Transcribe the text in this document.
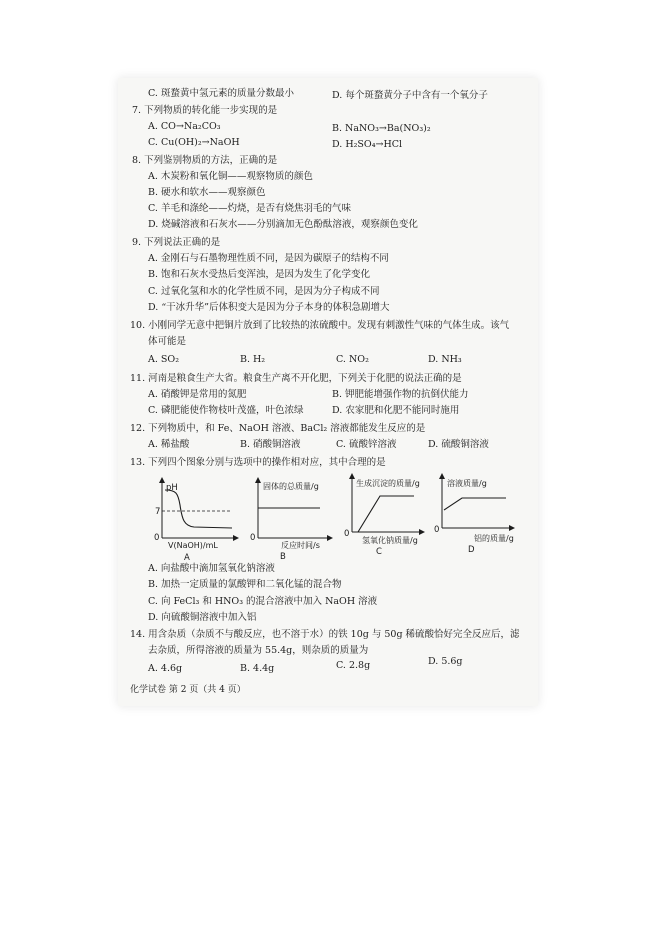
C. 斑蝥黄中氢元素的质量分数最小	D. 每个斑蝥黄分子中含有一个氧分子
7. 下列物质的转化能一步实现的是
A. CO→Na₂CO₃	B. NaNO₃→Ba(NO₃)₂
C. Cu(OH)₂→NaOH	D. H₂SO₄→HCl
8. 下列鉴别物质的方法，正确的是
A. 木炭粉和氧化铜——观察物质的颜色
B. 硬水和软水——观察颜色
C. 羊毛和涤纶——灼烧，是否有烧焦羽毛的气味
D. 烧碱溶液和石灰水——分别滴加无色酚酞溶液，观察颜色变化
9. 下列说法正确的是
A. 金刚石与石墨物理性质不同，是因为碳原子的结构不同
B. 饱和石灰水受热后变浑浊，是因为发生了化学变化
C. 过氧化氢和水的化学性质不同，是因为分子构成不同
D. “干冰升华”后体积变大是因为分子本身的体积急剧增大
10. 小刚同学无意中把铜片放到了比较热的浓硫酸中。发现有刺激性气味的气体生成。该气
体可能是
A. SO₂	B. H₂	C. NO₂	D. NH₃
11. 河南是粮食生产大省。粮食生产离不开化肥，下列关于化肥的说法正确的是
A. 硝酸钾是常用的氮肥	B. 钾肥能增强作物的抗倒伏能力
C. 磷肥能使作物枝叶茂盛，叶色浓绿	D. 农家肥和化肥不能同时施用
12. 下列物质中，和 Fe、NaOH 溶液、BaCl₂ 溶液都能发生反应的是
A. 稀盐酸	B. 硝酸铜溶液	C. 硫酸锌溶液	D. 硫酸铜溶液
13. 下列四个图象分别与选项中的操作相对应，其中合理的是
pH
7
0
V(NaOH)/mL
A
固体的总质量/g
0
反应时间/s
B
生成沉淀的质量/g
0
氢氧化钠质量/g
C
溶液质量/g
0
铝的质量/g
D
A. 向盐酸中滴加氢氧化钠溶液
B. 加热一定质量的氯酸钾和二氧化锰的混合物
C. 向 FeCl₃ 和 HNO₃ 的混合溶液中加入 NaOH 溶液
D. 向硫酸铜溶液中加入铝
14. 用含杂质（杂质不与酸反应，也不溶于水）的铁 10g 与 50g 稀硫酸恰好完全反应后，滤
去杂质，所得溶液的质量为 55.4g，则杂质的质量为
A. 4.6g	B. 4.4g	C. 2.8g	D. 5.6g
化学试卷 第 2 页（共 4 页）
